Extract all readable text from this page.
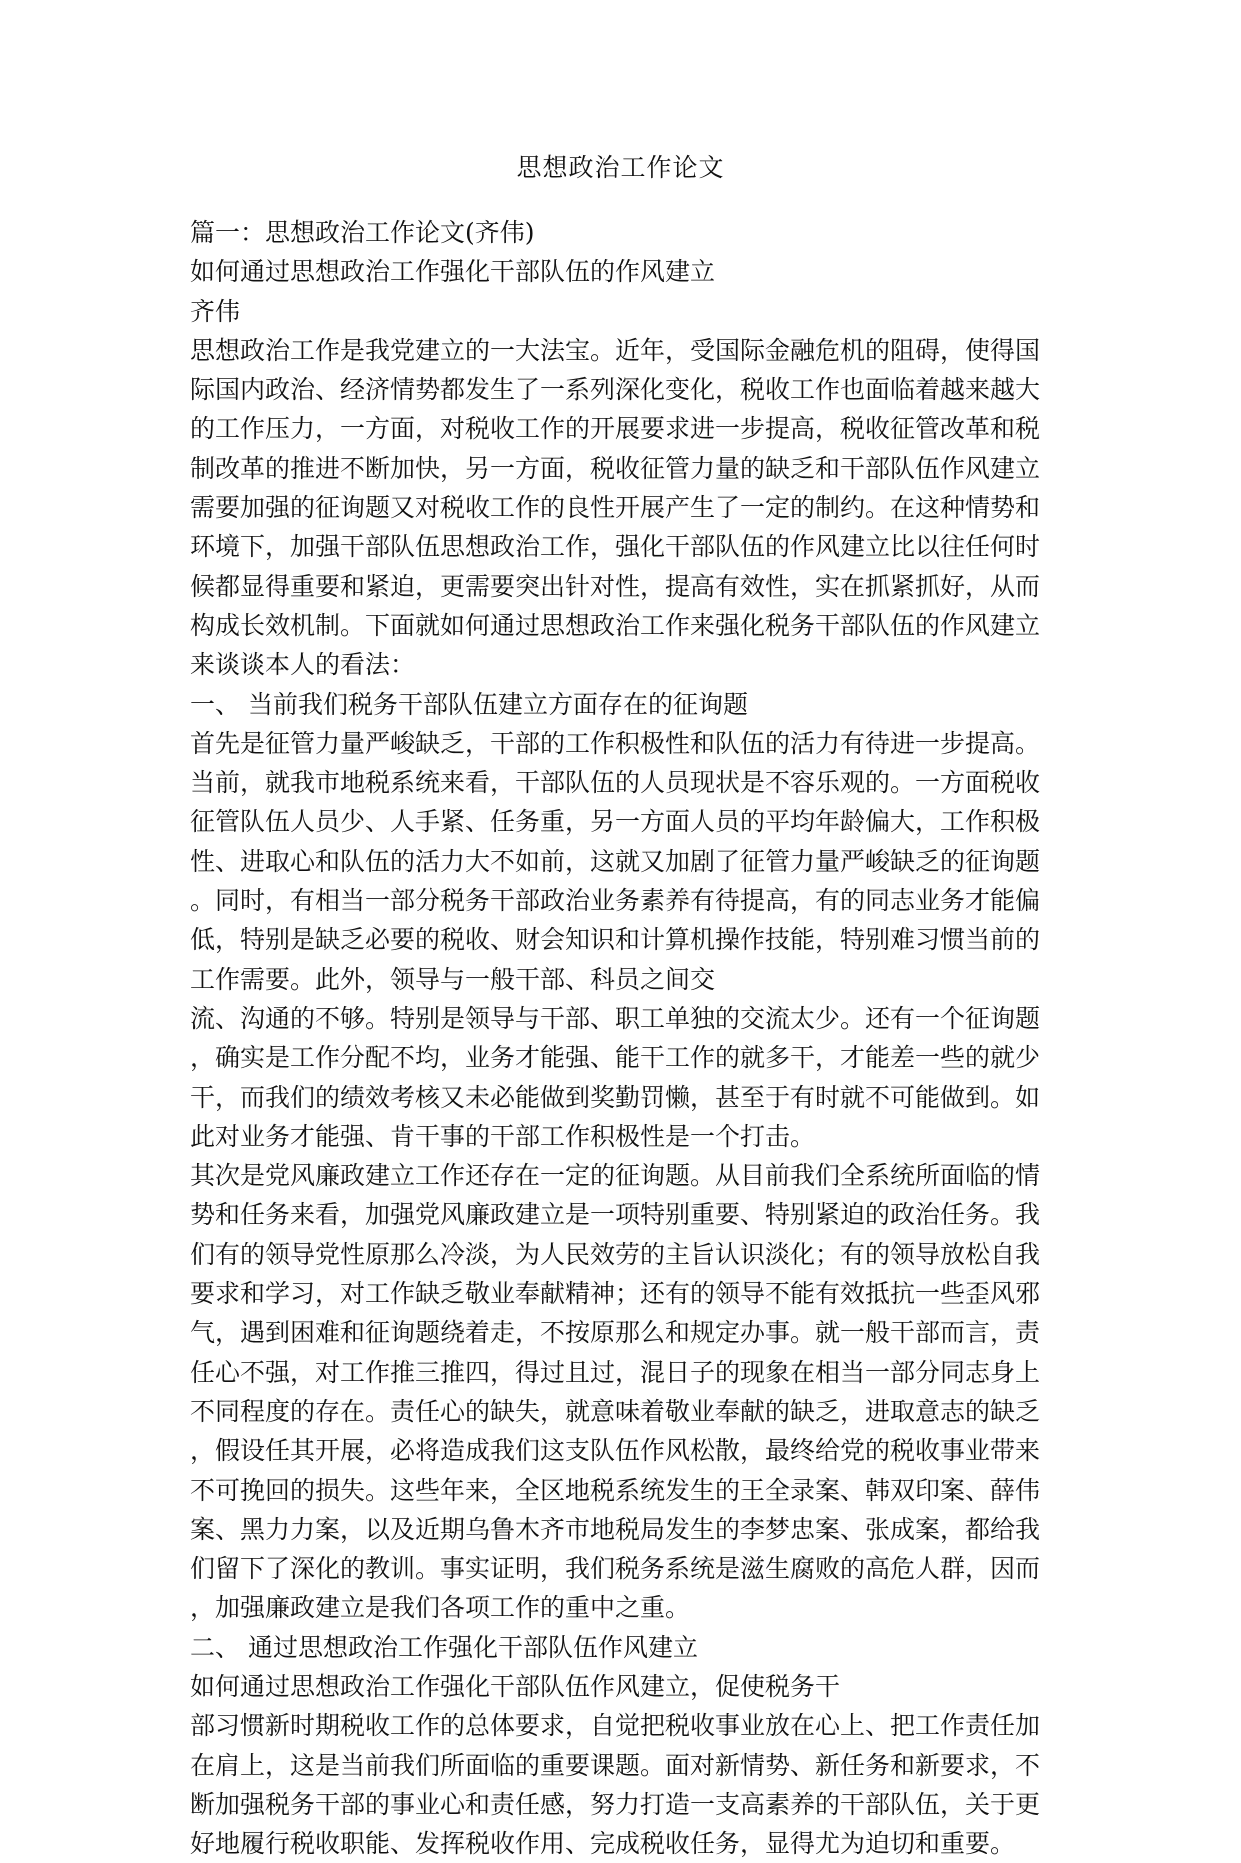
思想政治工作论文
篇一：思想政治工作论文(齐伟)
如何通过思想政治工作强化干部队伍的作风建立
齐伟
思想政治工作是我党建立的一大法宝。近年，受国际金融危机的阻碍，使得国
际国内政治、经济情势都发生了一系列深化变化，税收工作也面临着越来越大
的工作压力，一方面，对税收工作的开展要求进一步提高，税收征管改革和税
制改革的推进不断加快，另一方面，税收征管力量的缺乏和干部队伍作风建立
需要加强的征询题又对税收工作的良性开展产生了一定的制约。在这种情势和
环境下，加强干部队伍思想政治工作，强化干部队伍的作风建立比以往任何时
候都显得重要和紧迫，更需要突出针对性，提高有效性，实在抓紧抓好，从而
构成长效机制。下面就如何通过思想政治工作来强化税务干部队伍的作风建立
来谈谈本人的看法：
一、 当前我们税务干部队伍建立方面存在的征询题
首先是征管力量严峻缺乏，干部的工作积极性和队伍的活力有待进一步提高。
当前，就我市地税系统来看，干部队伍的人员现状是不容乐观的。一方面税收
征管队伍人员少、人手紧、任务重，另一方面人员的平均年龄偏大，工作积极
性、进取心和队伍的活力大不如前，这就又加剧了征管力量严峻缺乏的征询题
。同时，有相当一部分税务干部政治业务素养有待提高，有的同志业务才能偏
低，特别是缺乏必要的税收、财会知识和计算机操作技能，特别难习惯当前的
工作需要。此外，领导与一般干部、科员之间交
流、沟通的不够。特别是领导与干部、职工单独的交流太少。还有一个征询题
，确实是工作分配不均，业务才能强、能干工作的就多干，才能差一些的就少
干，而我们的绩效考核又未必能做到奖勤罚懒，甚至于有时就不可能做到。如
此对业务才能强、肯干事的干部工作积极性是一个打击。
其次是党风廉政建立工作还存在一定的征询题。从目前我们全系统所面临的情
势和任务来看，加强党风廉政建立是一项特别重要、特别紧迫的政治任务。我
们有的领导党性原那么冷淡，为人民效劳的主旨认识淡化；有的领导放松自我
要求和学习，对工作缺乏敬业奉献精神；还有的领导不能有效抵抗一些歪风邪
气，遇到困难和征询题绕着走，不按原那么和规定办事。就一般干部而言，责
任心不强，对工作推三推四，得过且过，混日子的现象在相当一部分同志身上
不同程度的存在。责任心的缺失，就意味着敬业奉献的缺乏，进取意志的缺乏
，假设任其开展，必将造成我们这支队伍作风松散，最终给党的税收事业带来
不可挽回的损失。这些年来，全区地税系统发生的王全录案、韩双印案、薛伟
案、黑力力案，以及近期乌鲁木齐市地税局发生的李梦忠案、张成案，都给我
们留下了深化的教训。事实证明，我们税务系统是滋生腐败的高危人群，因而
，加强廉政建立是我们各项工作的重中之重。
二、 通过思想政治工作强化干部队伍作风建立
如何通过思想政治工作强化干部队伍作风建立，促使税务干
部习惯新时期税收工作的总体要求，自觉把税收事业放在心上、把工作责任加
在肩上，这是当前我们所面临的重要课题。面对新情势、新任务和新要求，不
断加强税务干部的事业心和责任感，努力打造一支高素养的干部队伍，关于更
好地履行税收职能、发挥税收作用、完成税收任务，显得尤为迫切和重要。
